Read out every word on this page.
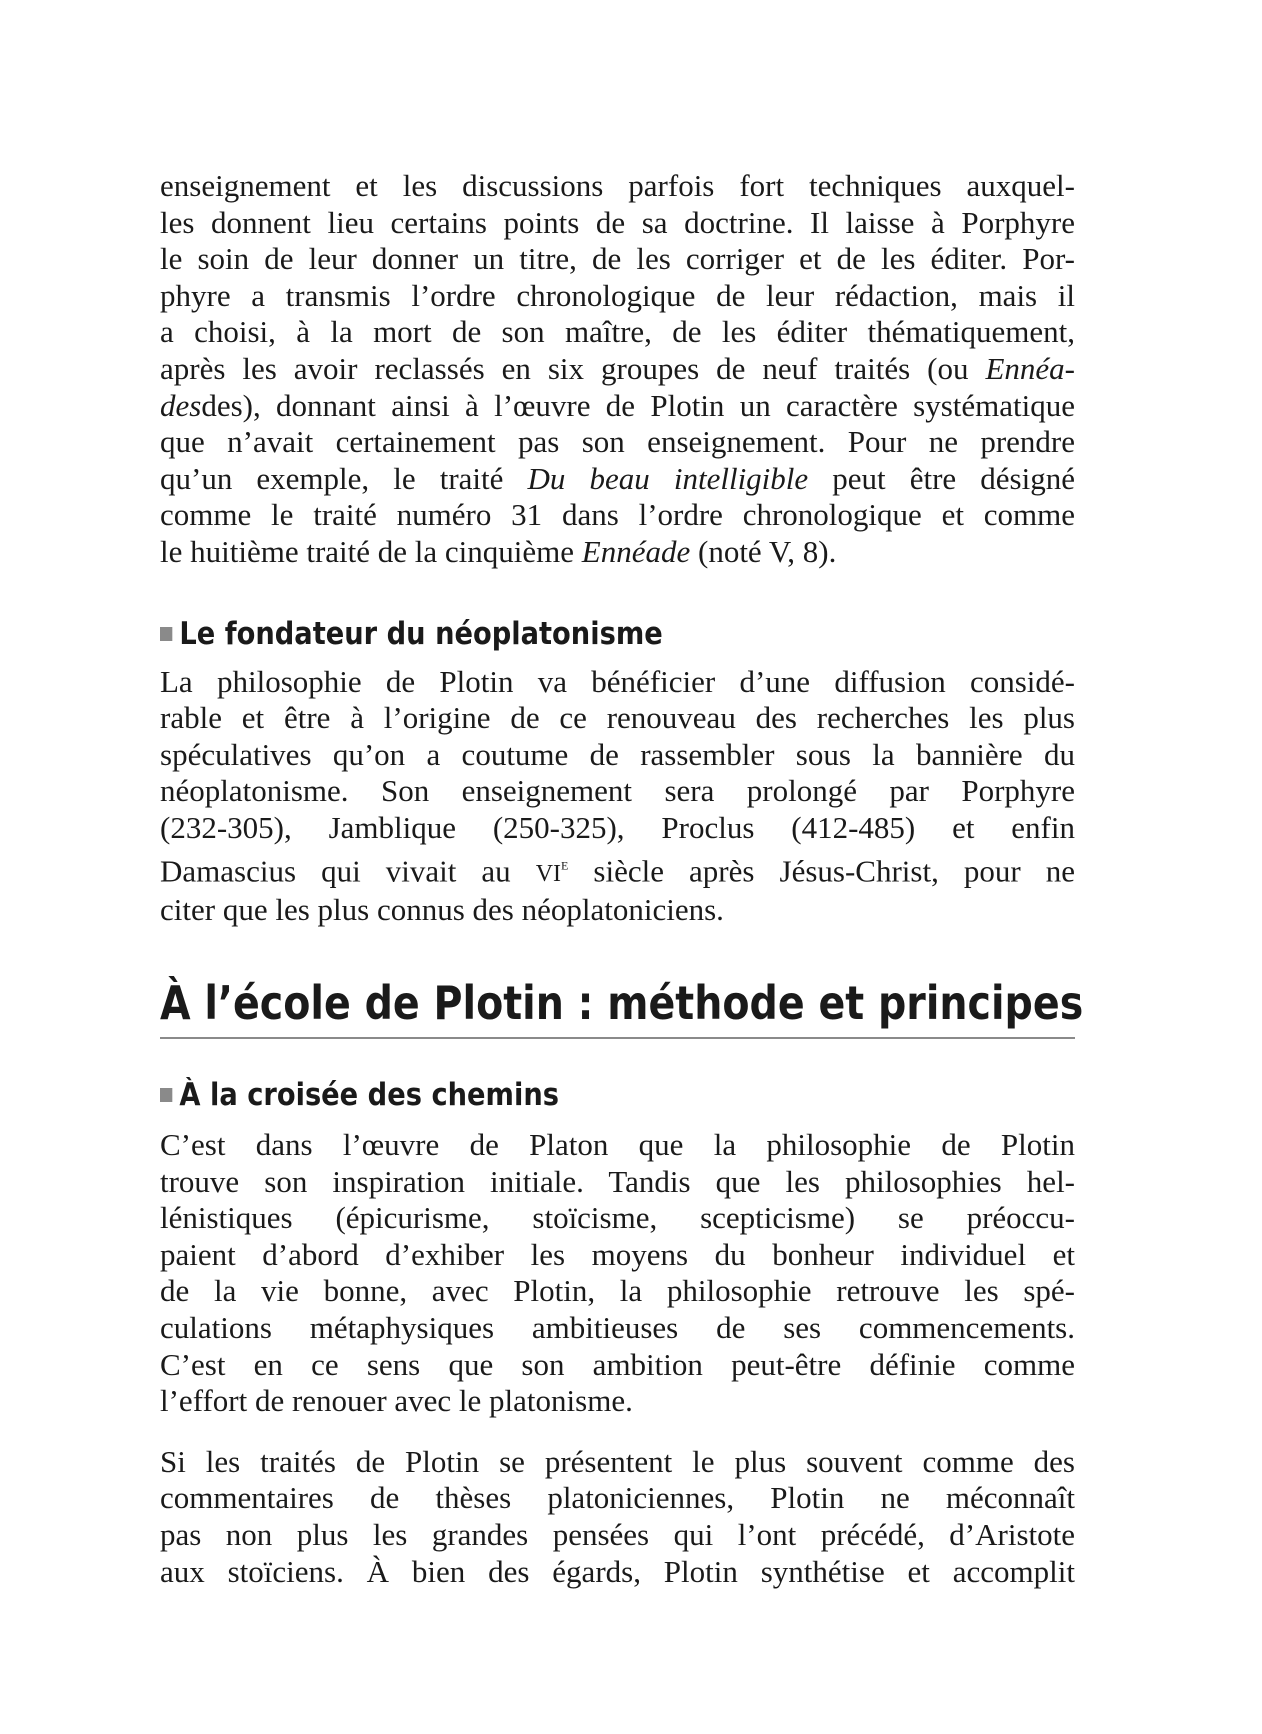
enseignement et les discussions parfois fort techniques auxquel-
les donnent lieu certains points de sa doctrine. Il laisse à Porphyre
le soin de leur donner un titre, de les corriger et de les éditer. Por-
phyre a transmis l’ordre chronologique de leur rédaction, mais il
a choisi, à la mort de son maître, de les éditer thématiquement,
après les avoir reclassés en six groupes de neuf traités (ou Ennéa-
desdes), donnant ainsi à l’œuvre de Plotin un caractère systématique
que n’avait certainement pas son enseignement. Pour ne prendre
qu’un exemple, le traité Du beau intelligible peut être désigné
comme le traité numéro 31 dans l’ordre chronologique et comme
le huitième traité de la cinquième Ennéade (noté V, 8).

Le fondateur du néoplatonisme

La philosophie de Plotin va bénéficier d’une diffusion considé-
rable et être à l’origine de ce renouveau des recherches les plus
spéculatives qu’on a coutume de rassembler sous la bannière du
néoplatonisme. Son enseignement sera prolongé par Porphyre
(232-305), Jamblique (250-325), Proclus (412-485) et enfin
Damascius qui vivait au VIe siècle après Jésus-Christ, pour ne
citer que les plus connus des néoplatoniciens.

À l’école de Plotin : méthode et principes
À la croisée des chemins

C’est dans l’œuvre de Platon que la philosophie de Plotin
trouve son inspiration initiale. Tandis que les philosophies hel-
lénistiques (épicurisme, stoïcisme, scepticisme) se préoccu-
paient d’abord d’exhiber les moyens du bonheur individuel et
de la vie bonne, avec Plotin, la philosophie retrouve les spé-
culations métaphysiques ambitieuses de ses commencements.
C’est en ce sens que son ambition peut-être définie comme
l’effort de renouer avec le platonisme.

Si les traités de Plotin se présentent le plus souvent comme des
commentaires de thèses platoniciennes, Plotin ne méconnaît
pas non plus les grandes pensées qui l’ont précédé, d’Aristote
aux stoïciens. À bien des égards, Plotin synthétise et accomplit
